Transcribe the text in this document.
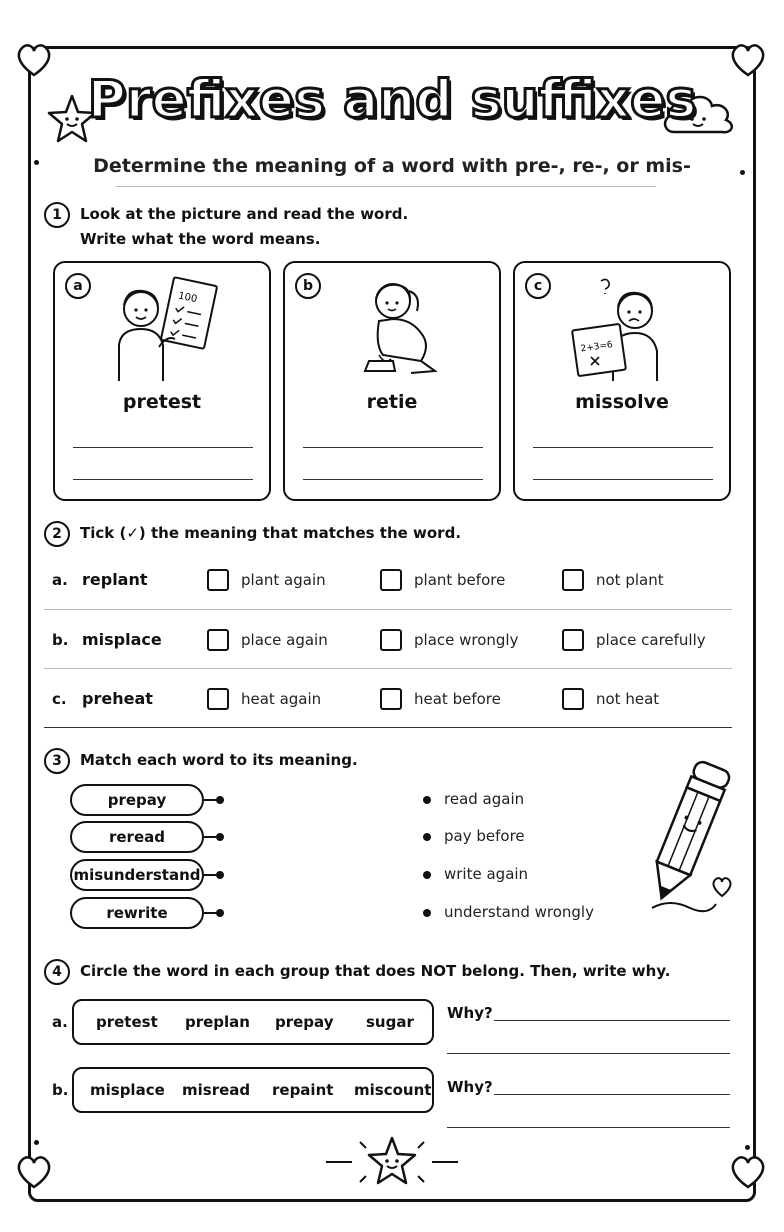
Prefixes and suffixes
Determine the meaning of a word with pre-, re-, or mis-
1	Look at the picture and read the word.
Write what the word means.
a
100
pretest
b
retie
c
2+3=6
missolve
2	Tick (✓) the meaning that matches the word.
a. replant	plant again	plant before	not plant
b. misplace	place again	place wrongly	place carefully
c. preheat	heat again	heat before	not heat
3	Match each word to its meaning.
prepay
reread
misunderstand
rewrite
read again
pay before
write again
understand wrongly
4	Circle the word in each group that does NOT belong. Then, write why.
a. pretest preplan prepay sugar Why?
b. misplace misread repaint miscount Why?
